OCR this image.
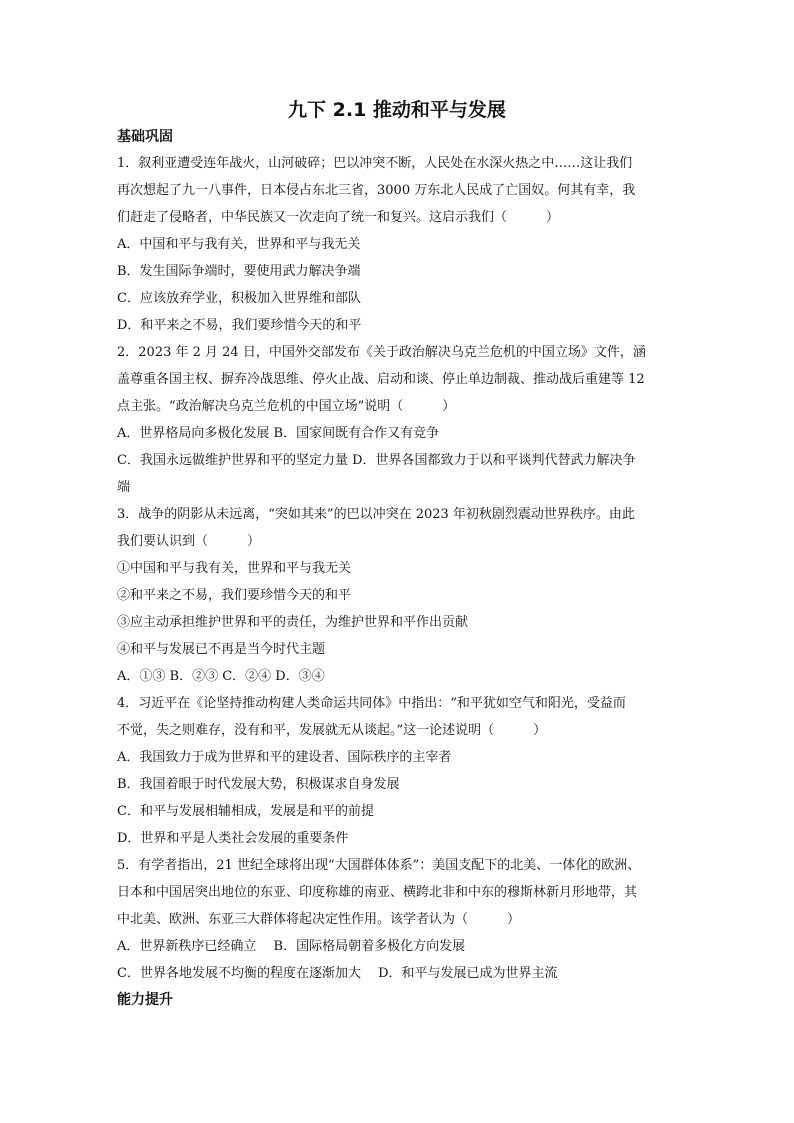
九下 2.1 推动和平与发展

基础巩固

1．叙利亚遭受连年战火，山河破碎；巴以冲突不断，人民处在水深火热之中……这让我们
再次想起了九一八事件，日本侵占东北三省，3000 万东北人民成了亡国奴。何其有幸，我
们赶走了侵略者，中华民族又一次走向了统一和复兴。这启示我们（　　　）

A．中国和平与我有关，世界和平与我无关

B．发生国际争端时，要使用武力解决争端

C．应该放弃学业，积极加入世界维和部队

D．和平来之不易，我们要珍惜今天的和平

2．2023 年 2 月 24 日，中国外交部发布《关于政治解决乌克兰危机的中国立场》文件，涵
盖尊重各国主权、摒弃冷战思维、停火止战、启动和谈、停止单边制裁、推动战后重建等 12
点主张。“政治解决乌克兰危机的中国立场”说明（　　　）

A．世界格局向多极化发展 B．国家间既有合作又有竞争

C．我国永远做维护世界和平的坚定力量 D．世界各国都致力于以和平谈判代替武力解决争

端

3．战争的阴影从未远离，“突如其来”的巴以冲突在 2023 年初秋剧烈震动世界秩序。由此
我们要认识到（　　　）

①中国和平与我有关，世界和平与我无关

②和平来之不易，我们要珍惜今天的和平

③应主动承担维护世界和平的责任，为维护世界和平作出贡献

④和平与发展已不再是当今时代主题

A．①③ B．②③ C．②④ D．③④

4．习近平在《论坚持推动构建人类命运共同体》中指出：“和平犹如空气和阳光，受益而
不觉，失之则难存，没有和平，发展就无从谈起。”这一论述说明（　　　）

A．我国致力于成为世界和平的建设者、国际秩序的主宰者

B．我国着眼于时代发展大势，积极谋求自身发展

C．和平与发展相辅相成，发展是和平的前提

D．世界和平是人类社会发展的重要条件

5．有学者指出，21 世纪全球将出现“大国群体体系”：美国支配下的北美、一体化的欧洲、
日本和中国居突出地位的东亚、印度称雄的南亚、横跨北非和中东的穆斯林新月形地带，其
中北美、欧洲、东亚三大群体将起决定性作用。该学者认为（　　　）

A．世界新秩序已经确立　 B．国际格局朝着多极化方向发展

C．世界各地发展不均衡的程度在逐渐加大　 D．和平与发展已成为世界主流

能力提升
